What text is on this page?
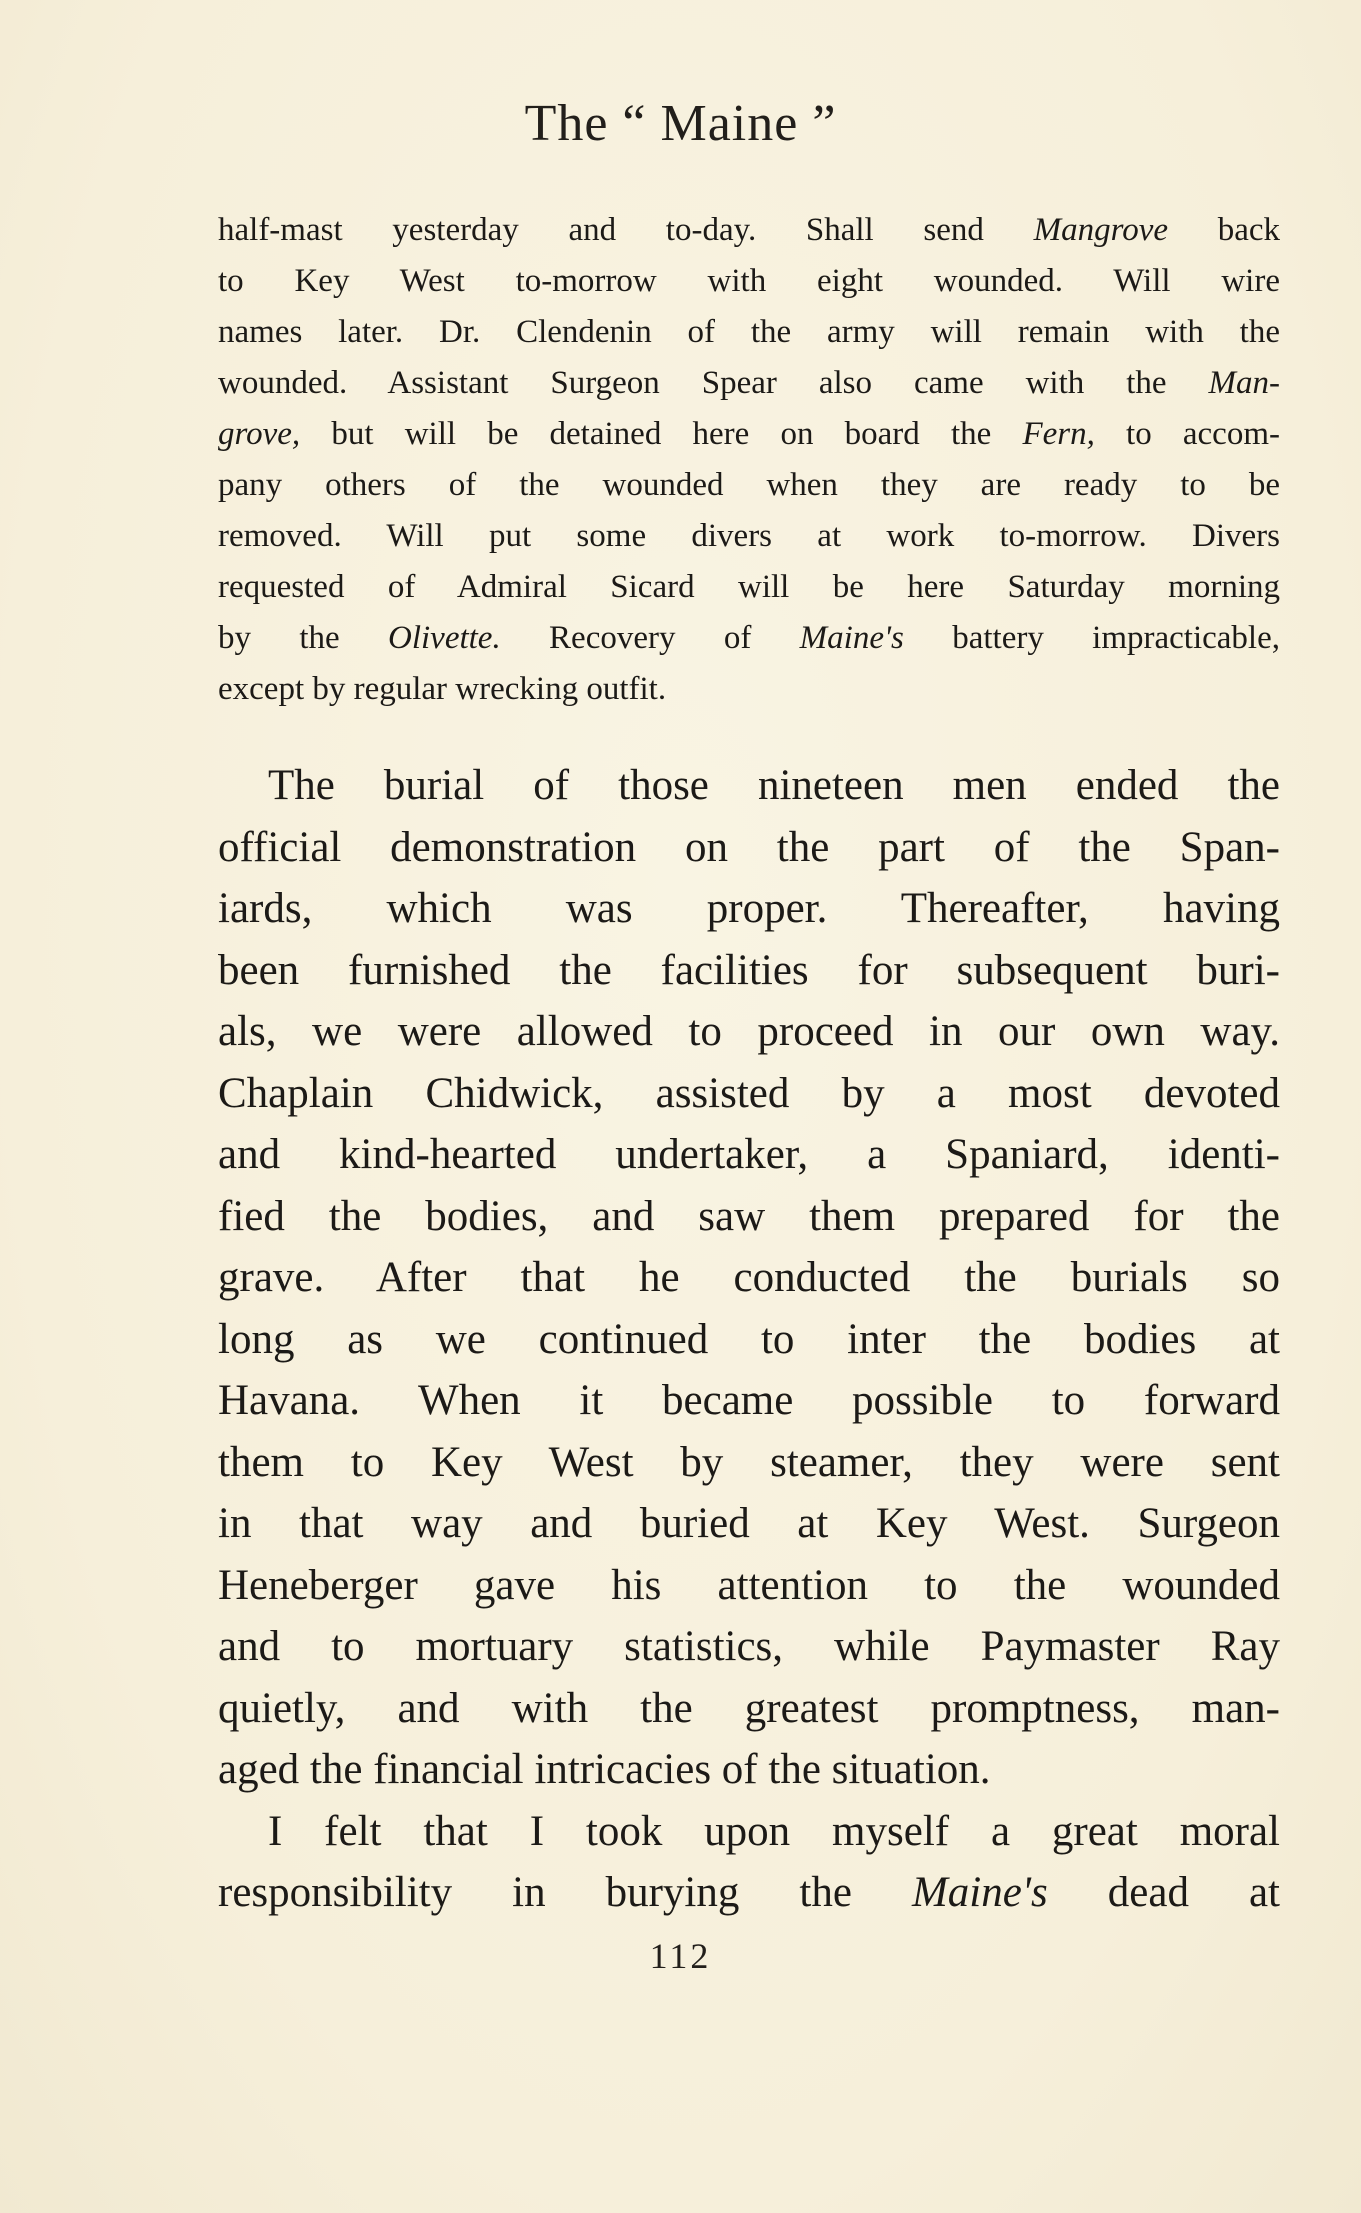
The “ Maine ”
half-mast yesterday and to-day. Shall send Mangrove back
to Key West to-morrow with eight wounded. Will wire
names later. Dr. Clendenin of the army will remain with the
wounded. Assistant Surgeon Spear also came with the Man-
grove, but will be detained here on board the Fern, to accom-
pany others of the wounded when they are ready to be
removed. Will put some divers at work to-morrow. Divers
requested of Admiral Sicard will be here Saturday morning
by the Olivette. Recovery of Maine's battery impracticable,
except by regular wrecking outfit.
The burial of those nineteen men ended the
official demonstration on the part of the Span-
iards, which was proper. Thereafter, having
been furnished the facilities for subsequent buri-
als, we were allowed to proceed in our own way.
Chaplain Chidwick, assisted by a most devoted
and kind-hearted undertaker, a Spaniard, identi-
fied the bodies, and saw them prepared for the
grave. After that he conducted the burials so
long as we continued to inter the bodies at
Havana. When it became possible to forward
them to Key West by steamer, they were sent
in that way and buried at Key West. Surgeon
Heneberger gave his attention to the wounded
and to mortuary statistics, while Paymaster Ray
quietly, and with the greatest promptness, man-
aged the financial intricacies of the situation.
I felt that I took upon myself a great moral
responsibility in burying the Maine's dead at
112
